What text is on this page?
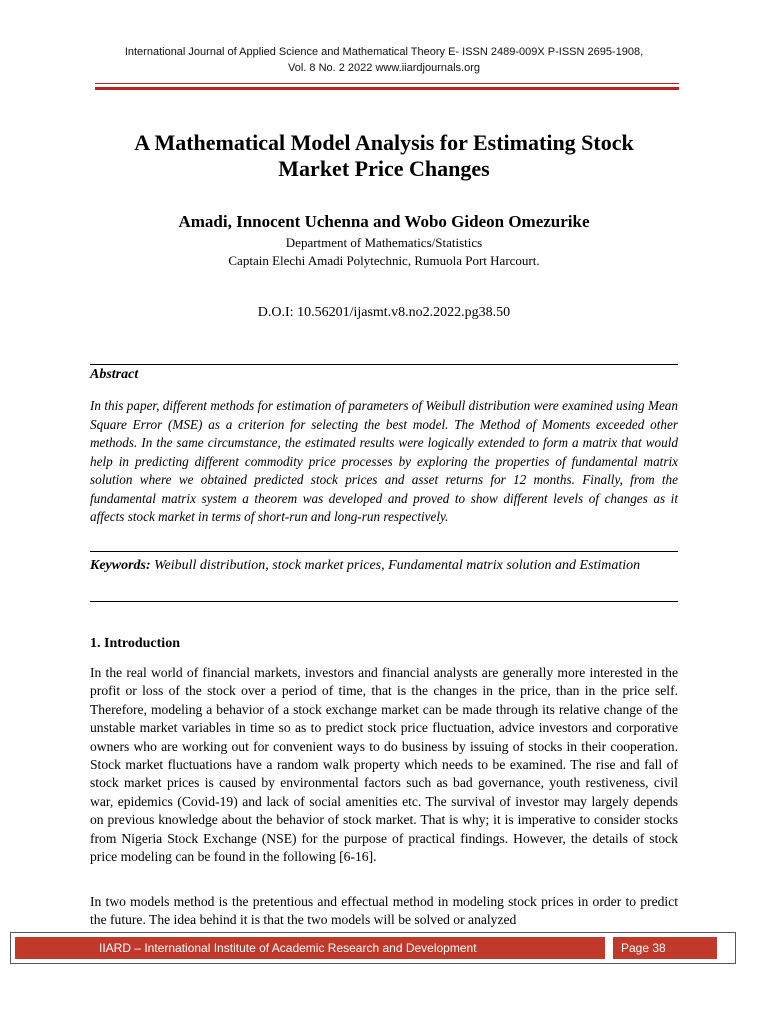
International Journal of Applied Science and Mathematical Theory E- ISSN 2489-009X P-ISSN 2695-1908,
Vol. 8 No. 2 2022 www.iiardjournals.org
A Mathematical Model Analysis for Estimating Stock
Market Price Changes
Amadi, Innocent Uchenna and Wobo Gideon Omezurike
Department of Mathematics/Statistics
Captain Elechi Amadi Polytechnic, Rumuola Port Harcourt.
D.O.I: 10.56201/ijasmt.v8.no2.2022.pg38.50
Abstract

In this paper, different methods for estimation of parameters of Weibull distribution were examined using Mean Square Error (MSE) as a criterion for selecting the best model. The Method of Moments exceeded other methods. In the same circumstance, the estimated results were logically extended to form a matrix that would help in predicting different commodity price processes by exploring the properties of fundamental matrix solution where we obtained predicted stock prices and asset returns for 12 months. Finally, from the fundamental matrix system a theorem was developed and proved to show different levels of changes as it affects stock market in terms of short-run and long-run respectively.

Keywords: Weibull distribution, stock market prices, Fundamental matrix solution and Estimation

1. Introduction

In the real world of financial markets, investors and financial analysts are generally more interested in the profit or loss of the stock over a period of time, that is the changes in the price, than in the price self. Therefore, modeling a behavior of a stock exchange market can be made through its relative change of the unstable market variables in time so as to predict stock price fluctuation, advice investors and corporative owners who are working out for convenient ways to do business by issuing of stocks in their cooperation. Stock market fluctuations have a random walk property which needs to be examined. The rise and fall of stock market prices is caused by environmental factors such as bad governance, youth restiveness, civil war, epidemics (Covid-19) and lack of social amenities etc. The survival of investor may largely depends on previous knowledge about the behavior of stock market. That is why; it is imperative to consider stocks from Nigeria Stock Exchange (NSE) for the purpose of practical findings. However, the details of stock price modeling can be found in the following [6-16].

In two models method is the pretentious and effectual method in modeling stock prices in order to predict the future. The idea behind it is that the two models will be solved or analyzed

IIARD – International Institute of Academic Research and Development	Page 38
